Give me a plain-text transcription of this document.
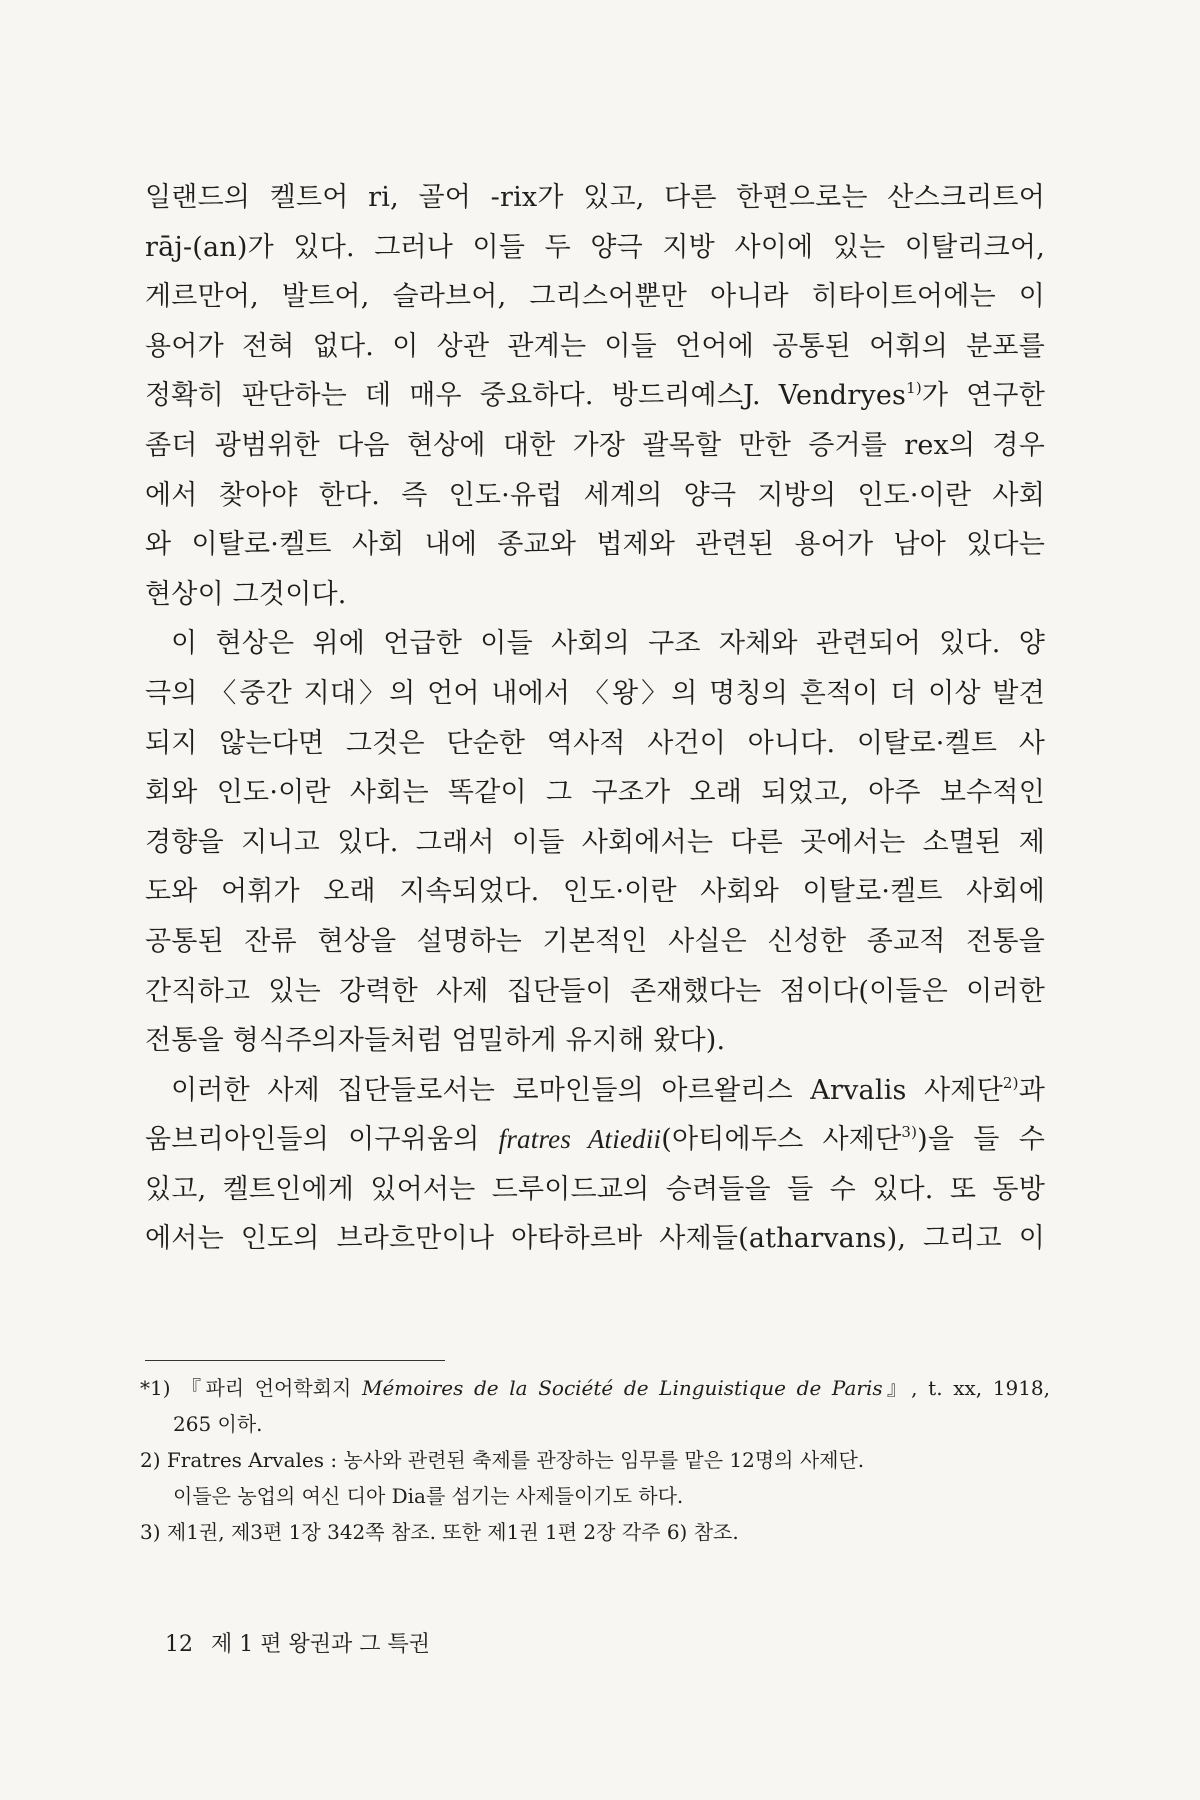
일랜드의 켈트어 ri, 골어 -rix가 있고, 다른 한편으로는 산스크리트어
rāj-(an)가 있다. 그러나 이들 두 양극 지방 사이에 있는 이탈리크어,
게르만어, 발트어, 슬라브어, 그리스어뿐만 아니라 히타이트어에는 이
용어가 전혀 없다. 이 상관 관계는 이들 언어에 공통된 어휘의 분포를
정확히 판단하는 데 매우 중요하다. 방드리예스J. Vendryes$^{1)}$가 연구한
좀더 광범위한 다음 현상에 대한 가장 괄목할 만한 증거를 rex의 경우
에서 찾아야 한다. 즉 인도·유럽 세계의 양극 지방의 인도·이란 사회
와 이탈로·켈트 사회 내에 종교와 법제와 관련된 용어가 남아 있다는
현상이 그것이다.
이 현상은 위에 언급한 이들 사회의 구조 자체와 관련되어 있다. 양
극의 〈중간 지대〉의 언어 내에서 〈왕〉의 명칭의 흔적이 더 이상 발견
되지 않는다면 그것은 단순한 역사적 사건이 아니다. 이탈로·켈트 사
회와 인도·이란 사회는 똑같이 그 구조가 오래 되었고, 아주 보수적인
경향을 지니고 있다. 그래서 이들 사회에서는 다른 곳에서는 소멸된 제
도와 어휘가 오래 지속되었다. 인도·이란 사회와 이탈로·켈트 사회에
공통된 잔류 현상을 설명하는 기본적인 사실은 신성한 종교적 전통을
간직하고 있는 강력한 사제 집단들이 존재했다는 점이다(이들은 이러한
전통을 형식주의자들처럼 엄밀하게 유지해 왔다).
이러한 사제 집단들로서는 로마인들의 아르왈리스 Arvalis 사제단$^{2)}$과
움브리아인들의 이구위움의 fratres Atiedii(아티에두스 사제단$^{3)}$)을 들 수
있고, 켈트인에게 있어서는 드루이드교의 승려들을 들 수 있다. 또 동방
에서는 인도의 브라흐만이나 아타하르바 사제들(atharvans), 그리고 이
*1) 『파리 언어학회지 Mémoires de la Société de Linguistique de Paris』, t. xx, 1918,
265 이하.
2) Fratres Arvales : 농사와 관련된 축제를 관장하는 임무를 맡은 12명의 사제단.
이들은 농업의 여신 디아 Dia를 섬기는 사제들이기도 하다.
3) 제1권, 제3편 1장 342쪽 참조. 또한 제1권 1편 2장 각주 6) 참조.
12 제 1 편 왕권과 그 특권
